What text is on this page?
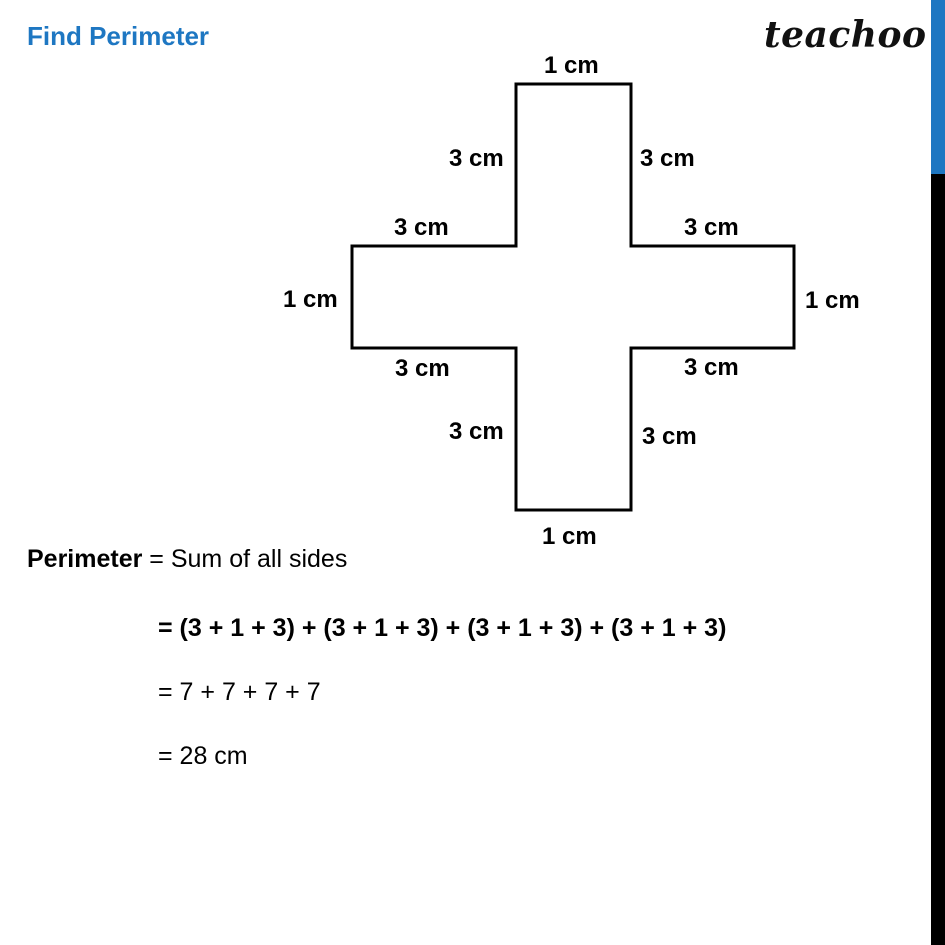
Find Perimeter	teachoo
1 cm
3 cm	3 cm
3 cm	3 cm
1 cm	1 cm
3 cm	3 cm
3 cm	3 cm
1 cm
Perimeter = Sum of all sides
= (3 + 1 + 3) + (3 + 1 + 3) + (3 + 1 + 3) + (3 + 1 + 3)
= 7 + 7 + 7 + 7
= 28 cm
